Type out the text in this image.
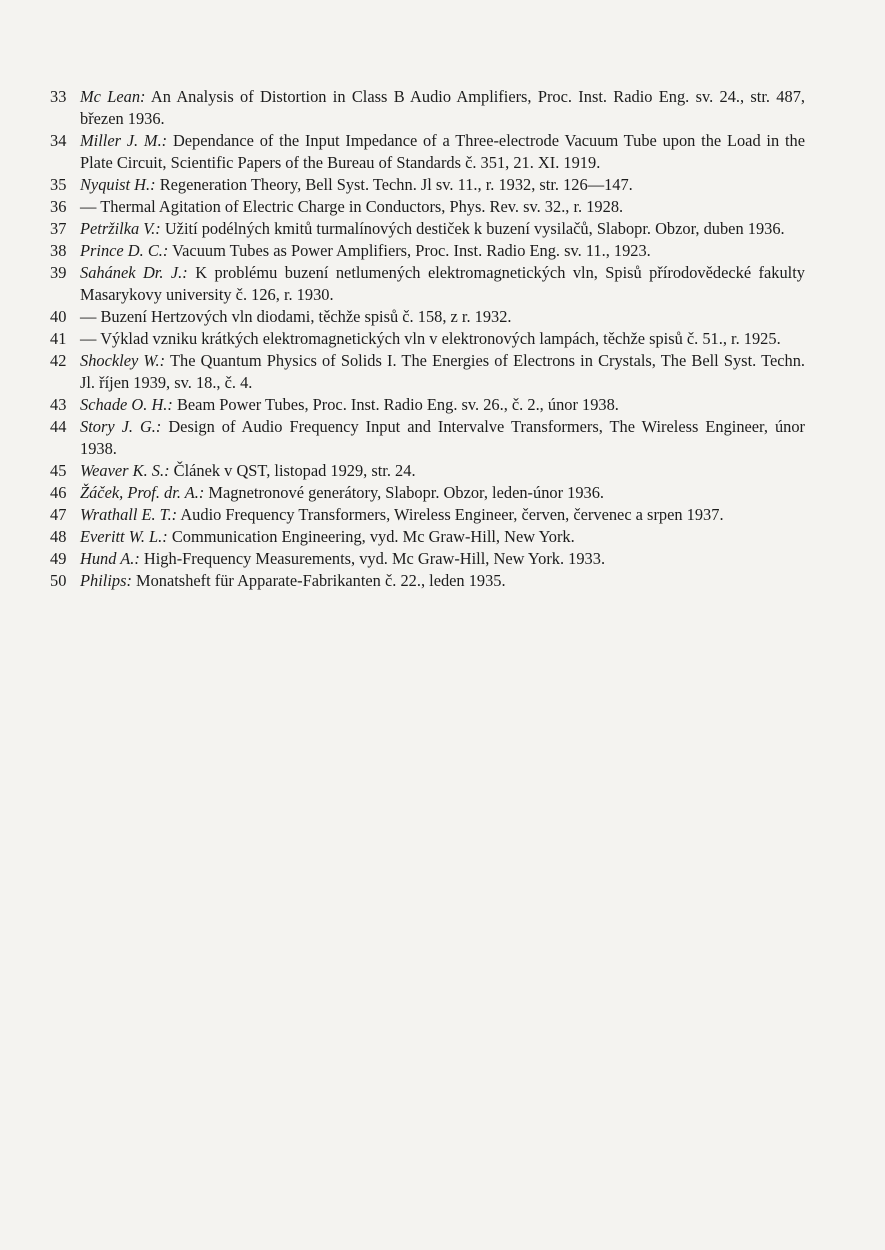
33 Mc Lean: An Analysis of Distortion in Class B Audio Amplifiers, Proc. Inst. Radio Eng. sv. 24., str. 487, březen 1936.
34 Miller J. M.: Dependance of the Input Impedance of a Three-electrode Vacuum Tube upon the Load in the Plate Circuit, Scientific Papers of the Bureau of Standards č. 351, 21. XI. 1919.
35 Nyquist H.: Regeneration Theory, Bell Syst. Techn. Jl sv. 11., r. 1932, str. 126—147.
36 — Thermal Agitation of Electric Charge in Conductors, Phys. Rev. sv. 32., r. 1928.
37 Petržilka V.: Užití podélných kmitů turmalínových destiček k buzení vysilačů, Slabopr. Obzor, duben 1936.
38 Prince D. C.: Vacuum Tubes as Power Amplifiers, Proc. Inst. Radio Eng. sv. 11., 1923.
39 Sahánek Dr. J.: K problému buzení netlumených elektromagnetických vln, Spisů přírodovědecké fakulty Masarykovy university č. 126, r. 1930.
40 — Buzení Hertzových vln diodami, těchže spisů č. 158, z r. 1932.
41 — Výklad vzniku krátkých elektromagnetických vln v elektronových lampách, těchže spisů č. 51., r. 1925.
42 Shockley W.: The Quantum Physics of Solids I. The Energies of Electrons in Crystals, The Bell Syst. Techn. Jl. říjen 1939, sv. 18., č. 4.
43 Schade O. H.: Beam Power Tubes, Proc. Inst. Radio Eng. sv. 26., č. 2., únor 1938.
44 Story J. G.: Design of Audio Frequency Input and Intervalve Transformers, The Wireless Engineer, únor 1938.
45 Weaver K. S.: Článek v QST, listopad 1929, str. 24.
46 Žáček, Prof. dr. A.: Magnetronové generátory, Slabopr. Obzor, leden-únor 1936.
47 Wrathall E. T.: Audio Frequency Transformers, Wireless Engineer, červen, červenec a srpen 1937.
48 Everitt W. L.: Communication Engineering, vyd. Mc Graw-Hill, New York.
49 Hund A.: High-Frequency Measurements, vyd. Mc Graw-Hill, New York. 1933.
50 Philips: Monatsheft für Apparate-Fabrikanten č. 22., leden 1935.
